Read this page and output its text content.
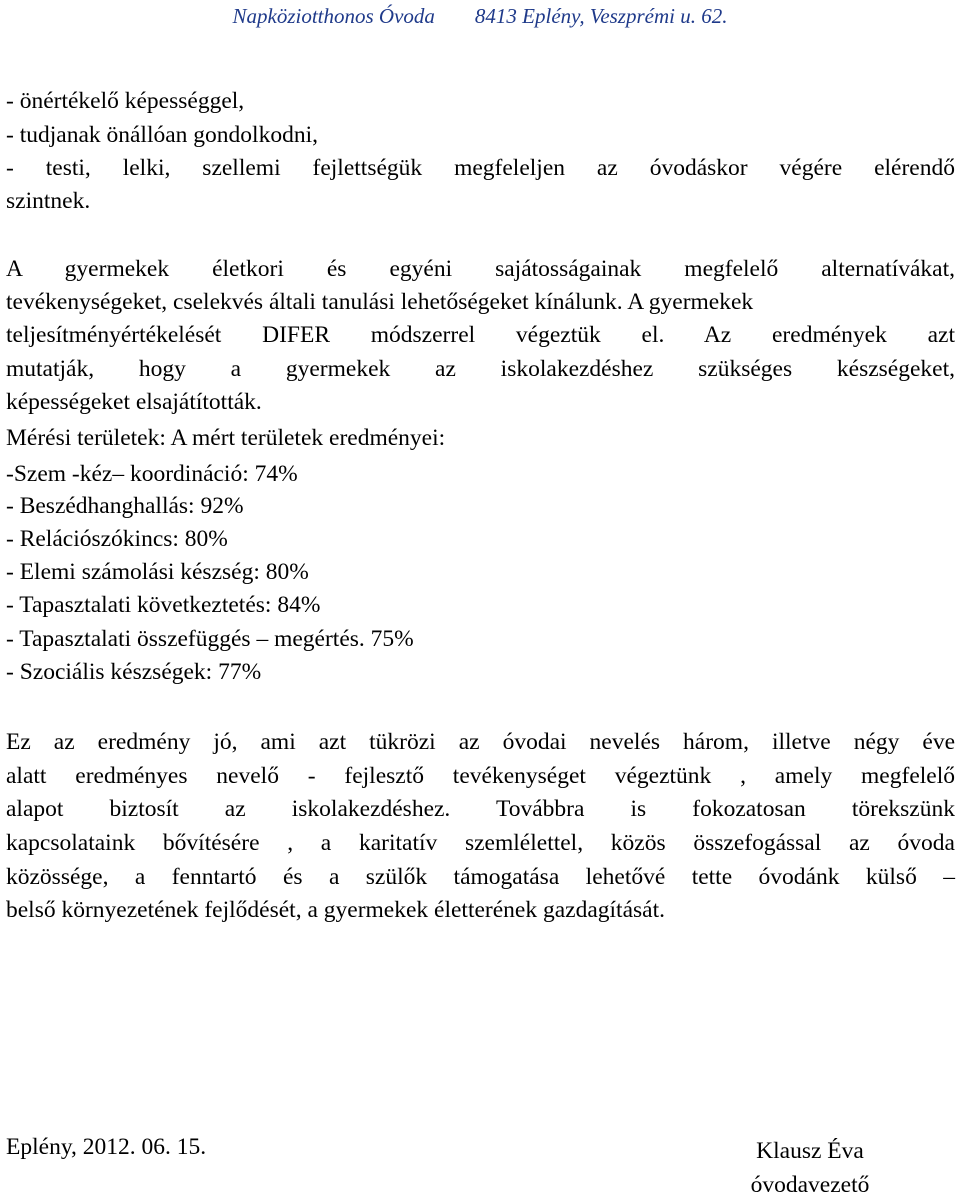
Napköziotthonos Óvoda 8413 Eplény, Veszprémi u. 62.
- önértékelő képességgel,
- tudjanak önállóan gondolkodni,
- testi, lelki, szellemi fejlettségük megfeleljen az óvodáskor végére elérendő
szintnek.
A gyermekek életkori és egyéni sajátosságainak megfelelő alternatívákat,
tevékenységeket, cselekvés általi tanulási lehetőségeket kínálunk. A gyermekek
teljesítményértékelését DIFER módszerrel végeztük el. Az eredmények azt
mutatják, hogy a gyermekek az iskolakezdéshez szükséges készségeket,
képességeket elsajátították.
Mérési területek: A mért területek eredményei:
-Szem -kéz– koordináció: 74%
- Beszédhanghallás: 92%
- Relációszókincs: 80%
- Elemi számolási készség: 80%
- Tapasztalati következtetés: 84%
- Tapasztalati összefüggés – megértés. 75%
- Szociális készségek: 77%
Ez az eredmény jó, ami azt tükrözi az óvodai nevelés három, illetve négy éve
alatt eredményes nevelő - fejlesztő tevékenységet végeztünk , amely megfelelő
alapot biztosít az iskolakezdéshez. Továbbra is fokozatosan törekszünk
kapcsolataink bővítésére , a karitatív szemlélettel, közös összefogással az óvoda
közössége, a fenntartó és a szülők támogatása lehetővé tette óvodánk külső –
belső környezetének fejlődését, a gyermekek életterének gazdagítását.
Eplény, 2012. 06. 15.	Klausz Éva
óvodavezető
